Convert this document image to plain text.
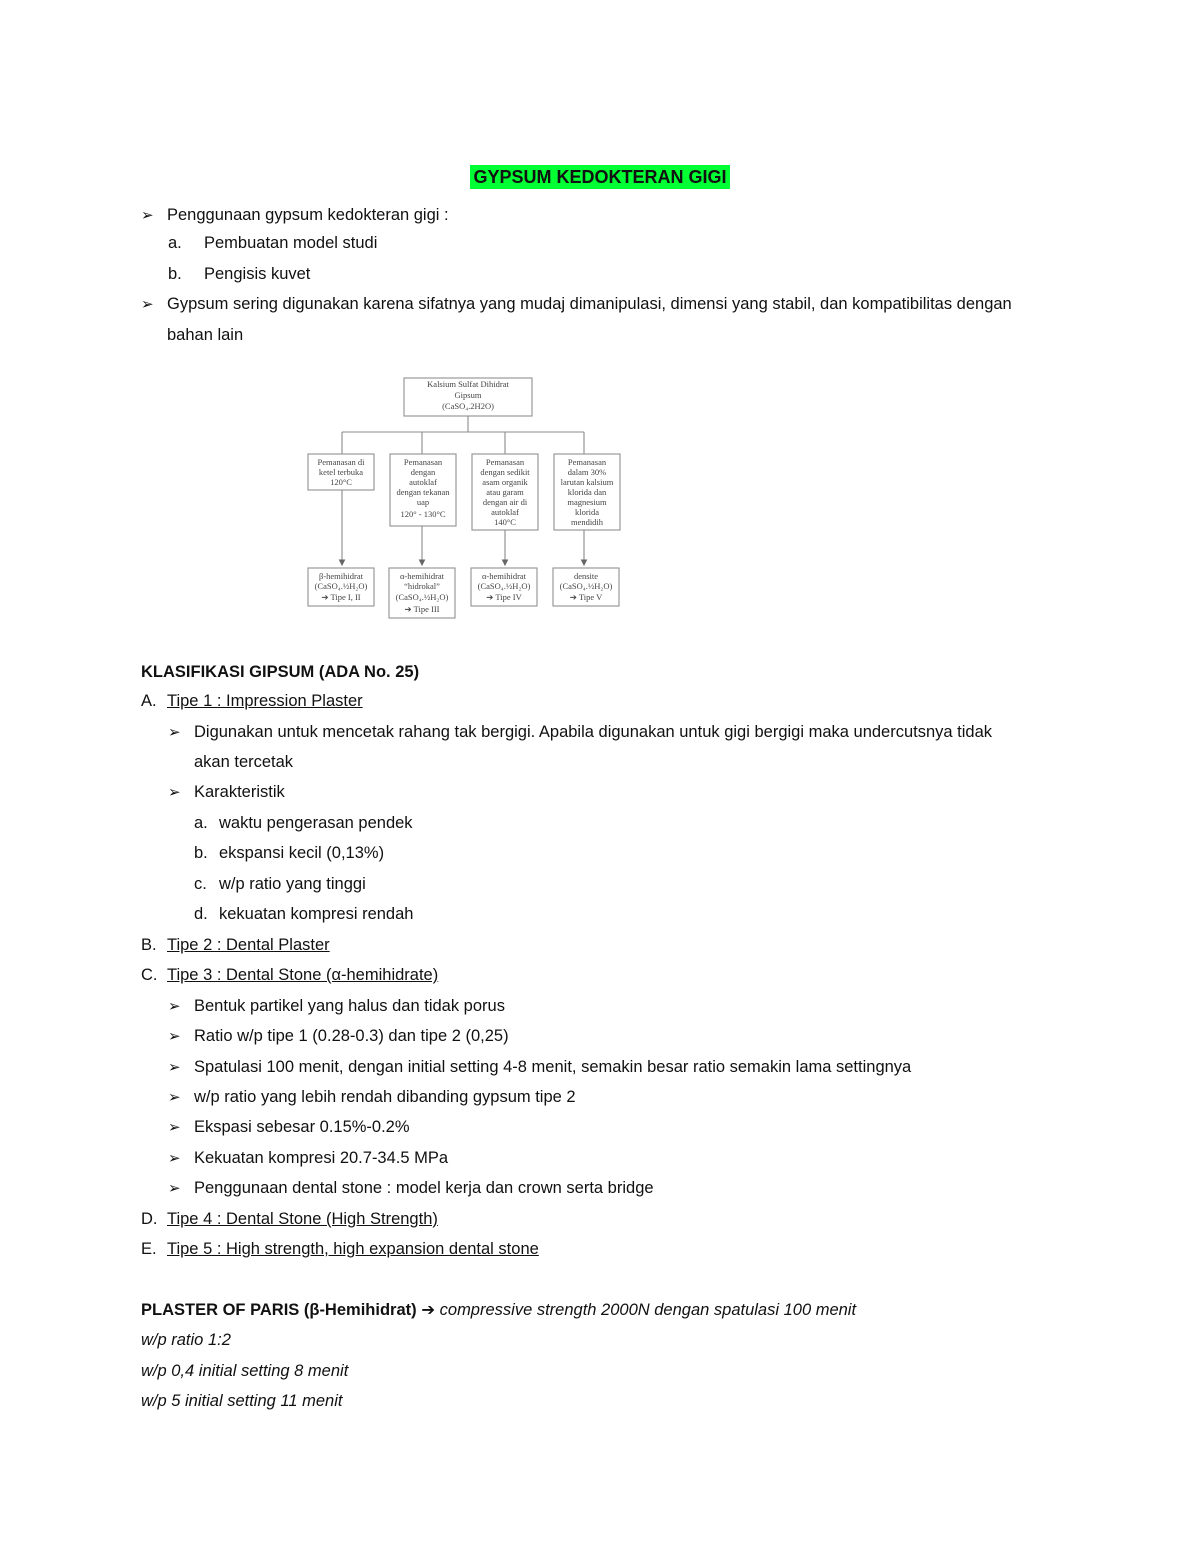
GYPSUM KEDOKTERAN GIGI
➢ Penggunaan gypsum kedokteran gigi :
a. Pembuatan model studi
b. Pengisis kuvet
➢ Gypsum sering digunakan karena sifatnya yang mudaj dimanipulasi, dimensi yang stabil, dan kompatibilitas dengan
bahan lain
Kalsium Sulfat Dihidrat
Gipsum
(CaSO₄.2H2O)
Pemanasan di
ketel terbuka
120°C
Pemanasan
dengan
autoklaf
dengan tekanan
uap
120° - 130°C
Pemanasan
dengan sedikit
asam organik
atau garam
dengan air di
autoklaf
140°C
Pemanasan
dalam 30%
larutan kalsium
klorida dan
magnesium
klorida
mendidih
β-hemihidrat
(CaSO₄.½H₂O)
➔ Tipe I, II
α-hemihidrat
“hidrokal”
(CaSO₄.½H₂O)
➔ Tipe III
α-hemihidrat
(CaSO₄.½H₂O)
➔ Tipe IV
densite
(CaSO₄.½H₂O)
➔ Tipe V
KLASIFIKASI GIPSUM (ADA No. 25)
A. Tipe 1 : Impression Plaster
➢ Digunakan untuk mencetak rahang tak bergigi. Apabila digunakan untuk gigi bergigi maka undercutsnya tidak
akan tercetak
➢ Karakteristik
a. waktu pengerasan pendek
b. ekspansi kecil (0,13%)
c. w/p ratio yang tinggi
d. kekuatan kompresi rendah
B. Tipe 2 : Dental Plaster
C. Tipe 3 : Dental Stone (α-hemihidrate)
➢ Bentuk partikel yang halus dan tidak porus
➢ Ratio w/p tipe 1 (0.28-0.3) dan tipe 2 (0,25)
➢ Spatulasi 100 menit, dengan initial setting 4-8 menit, semakin besar ratio semakin lama settingnya
➢ w/p ratio yang lebih rendah dibanding gypsum tipe 2
➢ Ekspasi sebesar 0.15%-0.2%
➢ Kekuatan kompresi 20.7-34.5 MPa
➢ Penggunaan dental stone : model kerja dan crown serta bridge
D. Tipe 4 : Dental Stone (High Strength)
E. Tipe 5 : High strength, high expansion dental stone
PLASTER OF PARIS (β-Hemihidrat) ➔ compressive strength 2000N dengan spatulasi 100 menit
w/p ratio 1:2
w/p 0,4 initial setting 8 menit
w/p 5 initial setting 11 menit
